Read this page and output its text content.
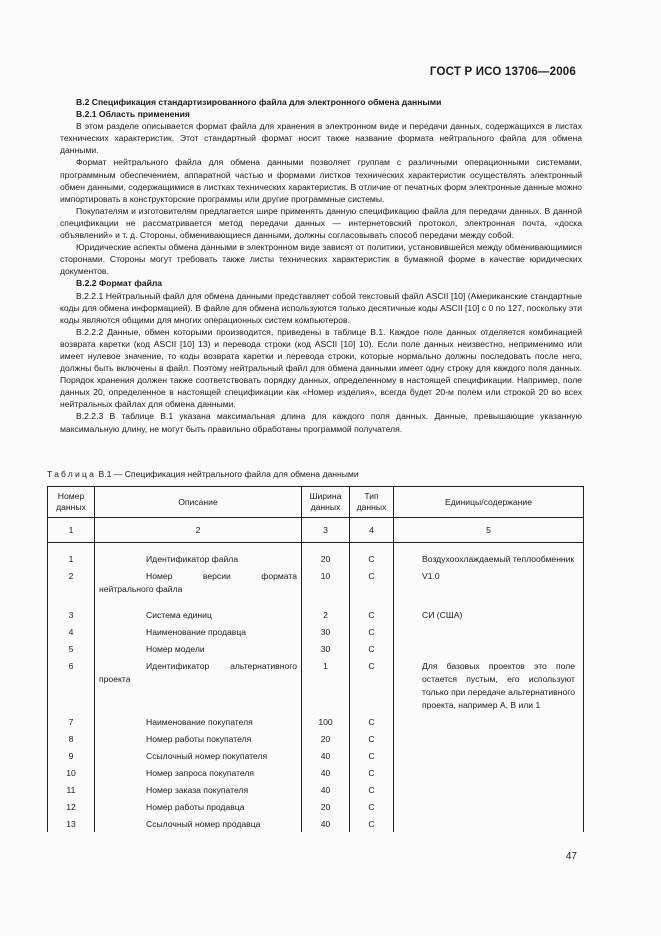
ГОСТ Р ИСО 13706—2006

В.2 Спецификация стандартизированного файла для электронного обмена данными

В.2.1 Область применения

В этом разделе описывается формат файла для хранения в электронном виде и передачи данных, содержащихся в листах технических характеристик. Этот стандартный формат носит также название формата нейтрального файла для обмена данными.

Формат нейтрального файла для обмена данными позволяет группам с различными операционными системами, программным обеспечением, аппаратной частью и формами листков технических характеристик осуществлять электронный обмен данными, содержащимися в листках технических характеристик. В отличие от печатных форм электронные данные можно импортировать в конструкторские программы или другие программные системы.

Покупателям и изготовителям предлагается шире применять данную спецификацию файла для передачи данных. В данной спецификации не рассматривается метод передачи данных — интернетовский протокол, электронная почта, «доска объявлений» и т. д. Стороны, обменивающиеся данными, должны согласовывать способ передачи между собой.

Юридические аспекты обмена данными в электронном виде зависят от политики, установившейся между обменивающимися сторонами. Стороны могут требовать также листы технических характеристик в бумажной форме в качестве юридических документов.

В.2.2 Формат файла

В.2.2.1 Нейтральный файл для обмена данными представляет собой текстовый файл ASCII [10] (Американские стандартные коды для обмена информацией). В файле для обмена используются только десятичные коды ASCII [10] с 0 по 127, поскольку эти коды являются общими для многих операционных систем компьютеров.

В.2.2.2 Данные, обмен которыми производится, приведены в таблице В.1. Каждое поле данных отделяется комбинацией возврата каретки (код ASCII [10] 13) и перевода строки (код ASCII [10] 10). Если поле данных неизвестно, неприменимо или имеет нулевое значение, то коды возврата каретки и перевода строки, которые нормально должны последовать после него, должны быть включены в файл. Поэтому нейтральный файл для обмена данными имеет одну строку для каждого поля данных. Порядок хранения должен также соответствовать порядку данных, определенному в настоящей спецификации. Например, поле данных 20, определенное в настоящей спецификации как «Номер изделия», всегда будет 20-м полем или строкой 20 во всех нейтральных файлах для обмена данными.

В.2.2.3 В таблице В.1 указана максимальная длина для каждого поля данных. Данные, превышающие указанную максимальную длину, не могут быть правильно обработаны программой получателя.

Таблица В.1 — Спецификация нейтрального файла для обмена данными
Номер данных	Описание	Ширина данных	Тип данных	Единицы/содержание
1	2	3	4	5
1	Идентификатор файла	20	C	Воздухоохлаждаемый теплообменник
2	Номер версии формата нейтрального файла	10	C	V1.0
3	Система единиц	2	C	СИ (США)
4	Наименование продавца	30	C	
5	Номер модели	30	C	
6	Идентификатор альтернативного проекта	1	C	Для базовых проектов это поле остается пустым, его используют только при передаче альтернативного проекта, например А, В или 1
7	Наименование покупателя	100	C	
8	Номер работы покупателя	20	C	
9	Ссылочный номер покупателя	40	C	
10	Номер запроса покупателя	40	C	
11	Номер заказа покупателя	40	C	
12	Номер работы продавца	20	C	
13	Ссылочный номер продавца	40	C	
47
